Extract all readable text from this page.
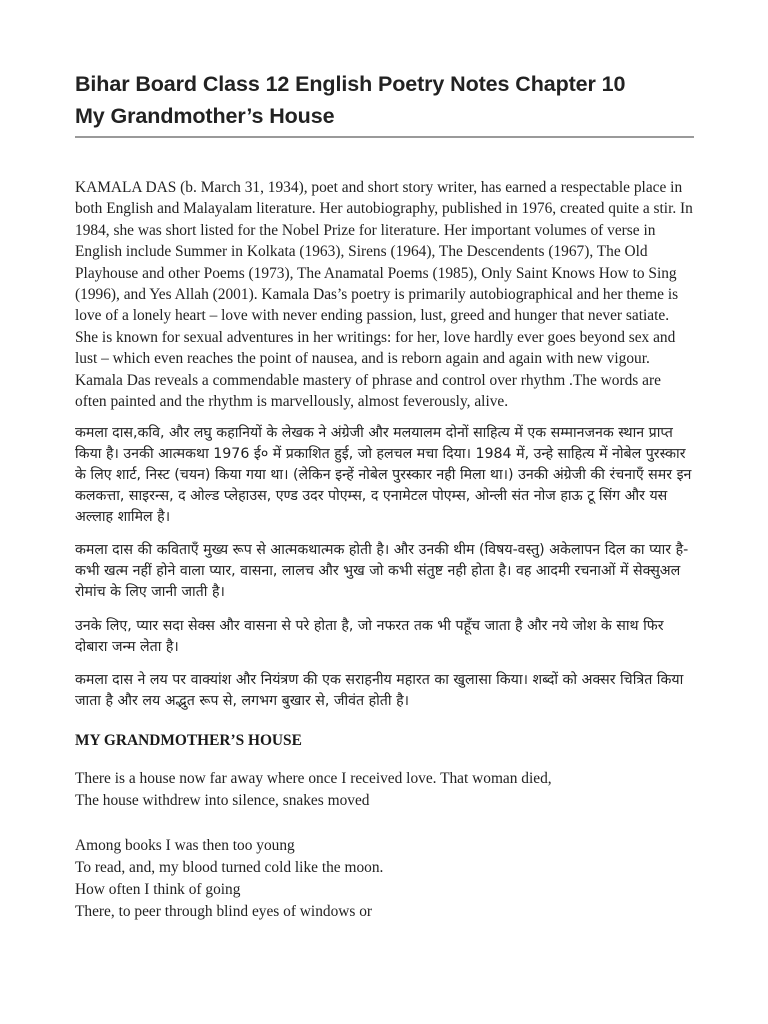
Bihar Board Class 12 English Poetry Notes Chapter 10
My Grandmother’s House

KAMALA DAS (b. March 31, 1934), poet and short story writer, has earned a respectable place in both English and Malayalam literature. Her autobiography, published in 1976, created quite a stir. In 1984, she was short listed for the Nobel Prize for literature. Her important volumes of verse in English include Summer in Kolkata (1963), Sirens (1964), The Descendents (1967), The Old Playhouse and other Poems (1973), The Anamatal Poems (1985), Only Saint Knows How to Sing (1996), and Yes Allah (2001). Kamala Das’s poetry is primarily autobiographical and her theme is love of a lonely heart – love with never ending passion, lust, greed and hunger that never satiate. She is known for sexual adventures in her writings: for her, love hardly ever goes beyond sex and lust – which even reaches the point of nausea, and is reborn again and again with new vigour. Kamala Das reveals a commendable mastery of phrase and control over rhythm .The words are often painted and the rhythm is marvellously, almost feverously, alive.

कमला दास,कवि, और लघु कहानियों के लेखक ने अंग्रेजी और मलयालम दोनों साहित्य में एक सम्मानजनक स्थान प्राप्त किया है। उनकी आत्मकथा 1976 ई० में प्रकाशित हुई, जो हलचल मचा दिया। 1984 में, उन्हे साहित्य में नोबेल पुरस्कार के लिए शार्ट, निस्ट (चयन) किया गया था। (लेकिन इन्हें नोबेल पुरस्कार नही मिला था।) उनकी अंग्रेजी की रंचनाएँ समर इन कलकत्ता, साइरन्स, द ओल्ड प्लेहाउस, एण्ड उदर पोएम्स, द एनामेटल पोएम्स, ओन्ली संत नोज हाऊ टू सिंग और यस अल्लाह शामिल है।

कमला दास की कविताएँ मुख्य रूप से आत्मकथात्मक होती है। और उनकी थीम (विषय-वस्तु) अकेलापन दिल का प्यार है- कभी खत्म नहीं होने वाला प्यार, वासना, लालच और भुख जो कभी संतुष्ट नही होता है। वह आदमी रचनाओं में सेक्सुअल रोमांच के लिए जानी जाती है।

उनके लिए, प्यार सदा सेक्स और वासना से परे होता है, जो नफरत तक भी पहूँच जाता है और नये जोश के साथ फिर दोबारा जन्म लेता है।

कमला दास ने लय पर वाक्यांश और नियंत्रण की एक सराहनीय महारत का खुलासा किया। शब्दों को अक्सर चित्रित किया जाता है और लय अद्भुत रूप से, लगभग बुखार से, जीवंत होती है।

MY GRANDMOTHER’S HOUSE
There is a house now far away where once I received love. That woman died,
The house withdrew into silence, snakes moved
Among books I was then too young
To read, and, my blood turned cold like the moon.
How often I think of going
There, to peer through blind eyes of windows or
